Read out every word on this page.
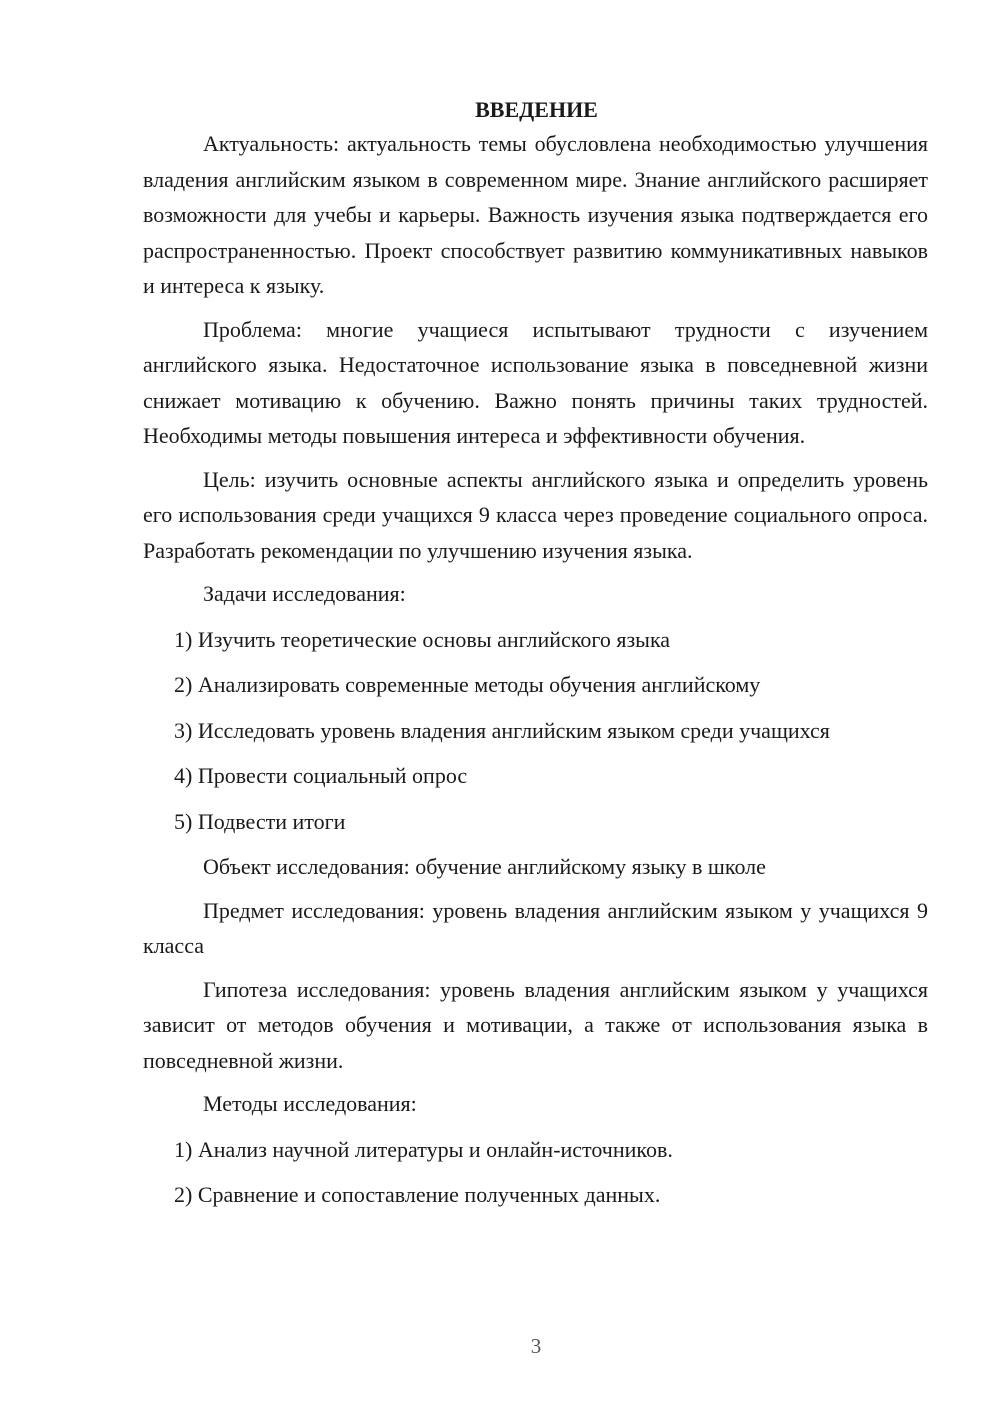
ВВЕДЕНИЕ

Актуальность: актуальность темы обусловлена необходимостью улучшения владения английским языком в современном мире. Знание английского расширяет возможности для учебы и карьеры. Важность изучения языка подтверждается его распространенностью. Проект способствует развитию коммуникативных навыков и интереса к языку.

Проблема: многие учащиеся испытывают трудности с изучением английского языка. Недостаточное использование языка в повседневной жизни снижает мотивацию к обучению. Важно понять причины таких трудностей. Необходимы методы повышения интереса и эффективности обучения.

Цель: изучить основные аспекты английского языка и определить уровень его использования среди учащихся 9 класса через проведение социального опроса. Разработать рекомендации по улучшению изучения языка.

Задачи исследования:

1) Изучить теоретические основы английского языка

2) Анализировать современные методы обучения английскому

3) Исследовать уровень владения английским языком среди учащихся

4) Провести социальный опрос

5) Подвести итоги

Объект исследования: обучение английскому языку в школе

Предмет исследования: уровень владения английским языком у учащихся 9 класса

Гипотеза исследования: уровень владения английским языком у учащихся зависит от методов обучения и мотивации, а также от использования языка в повседневной жизни.

Методы исследования:

1) Анализ научной литературы и онлайн-источников.

2) Сравнение и сопоставление полученных данных.

3
